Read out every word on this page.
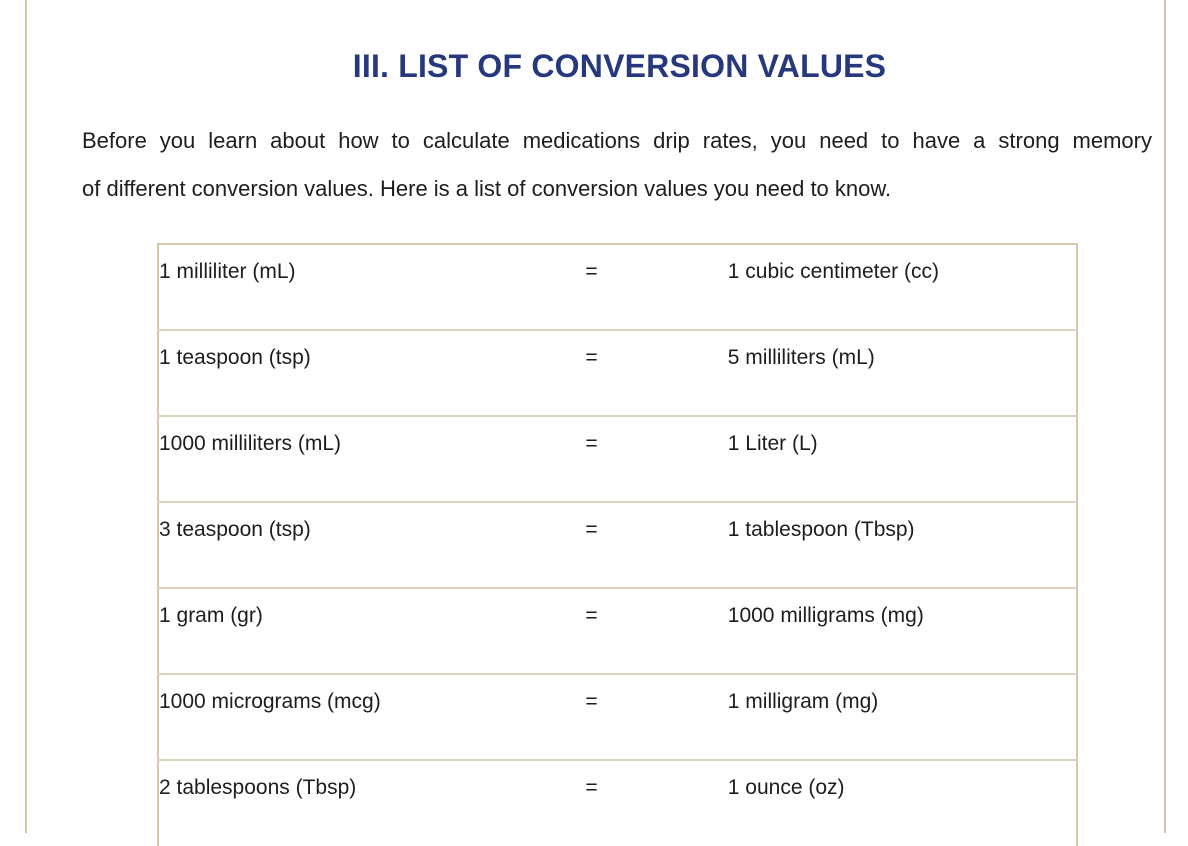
III. LIST OF CONVERSION VALUES
Before you learn about how to calculate medications drip rates, you need to have a strong memory
of different conversion values. Here is a list of conversion values you need to know.
1 milliliter (mL)	=	1 cubic centimeter (cc)
1 teaspoon (tsp)	=	5 milliliters (mL)
1000 milliliters (mL)	=	1 Liter (L)
3 teaspoon (tsp)	=	1 tablespoon (Tbsp)
1 gram (gr)	=	1000 milligrams (mg)
1000 micrograms (mcg)	=	1 milligram (mg)
2 tablespoons (Tbsp)	=	1 ounce (oz)
